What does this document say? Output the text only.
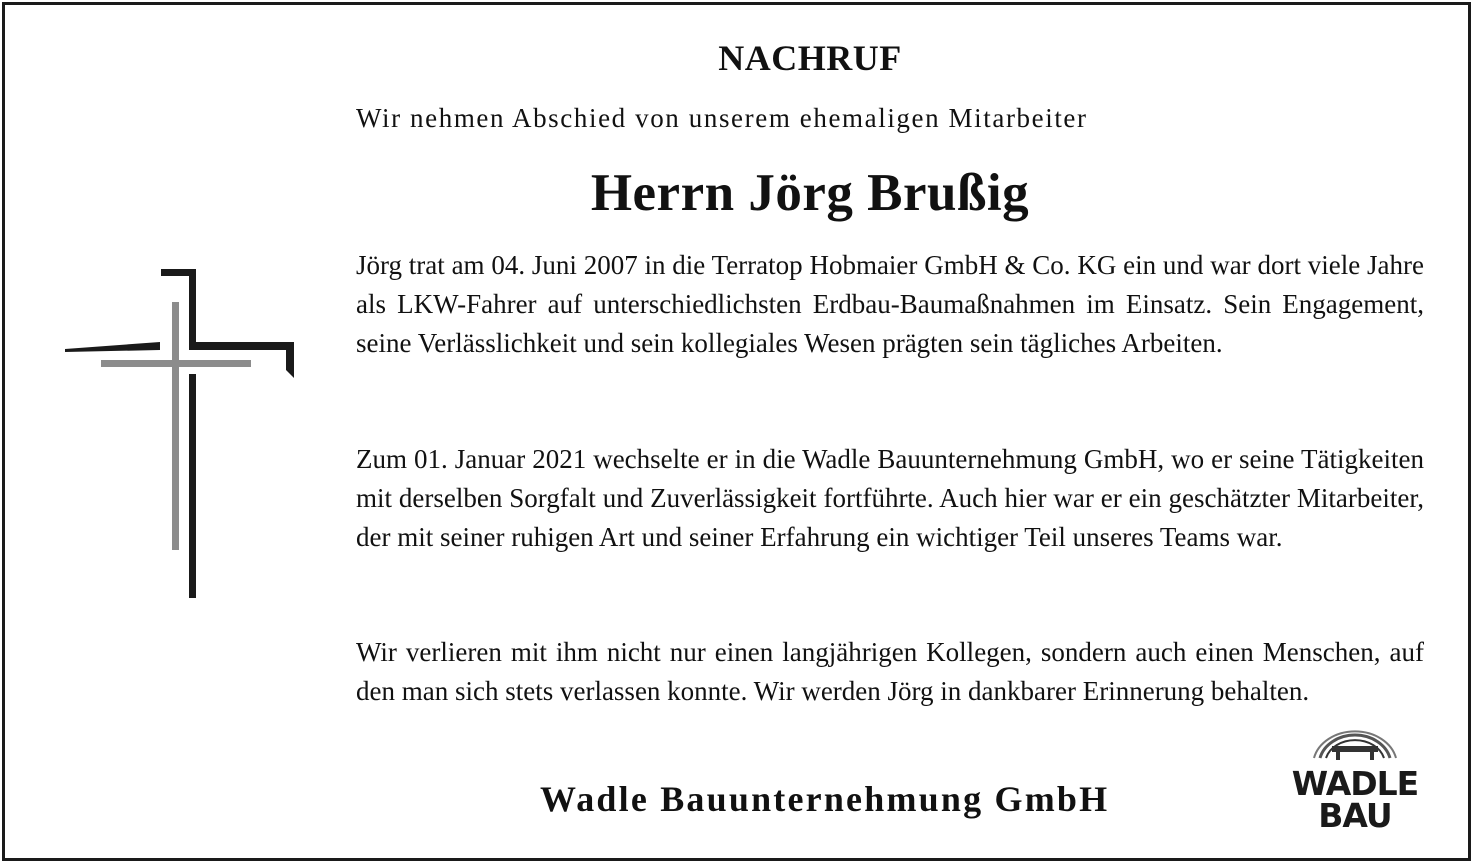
NACHRUF
Wir nehmen Abschied von unserem ehemaligen Mitarbeiter
Herrn Jörg Brußig

Jörg trat am 04. Juni 2007 in die Terratop Hobmaier GmbH & Co. KG ein und war dort viele Jahre als LKW-Fahrer auf unterschiedlichsten Erdbau-Baumaßnahmen im Einsatz. Sein Engagement, seine Verlässlichkeit und sein kollegiales Wesen prägten sein tägliches Arbeiten.

Zum 01. Januar 2021 wechselte er in die Wadle Bauunternehmung GmbH, wo er seine Tätigkeiten mit derselben Sorgfalt und Zuverlässigkeit fortführte. Auch hier war er ein geschätzter Mitarbeiter, der mit seiner ruhigen Art und seiner Erfahrung ein wichtiger Teil unseres Teams war.

Wir verlieren mit ihm nicht nur einen langjährigen Kollegen, sondern auch einen Menschen, auf den man sich stets verlassen konnte. Wir werden Jörg in dankbarer Erinnerung behalten.

Wadle Bauunternehmung GmbH	WADLE
BAU
